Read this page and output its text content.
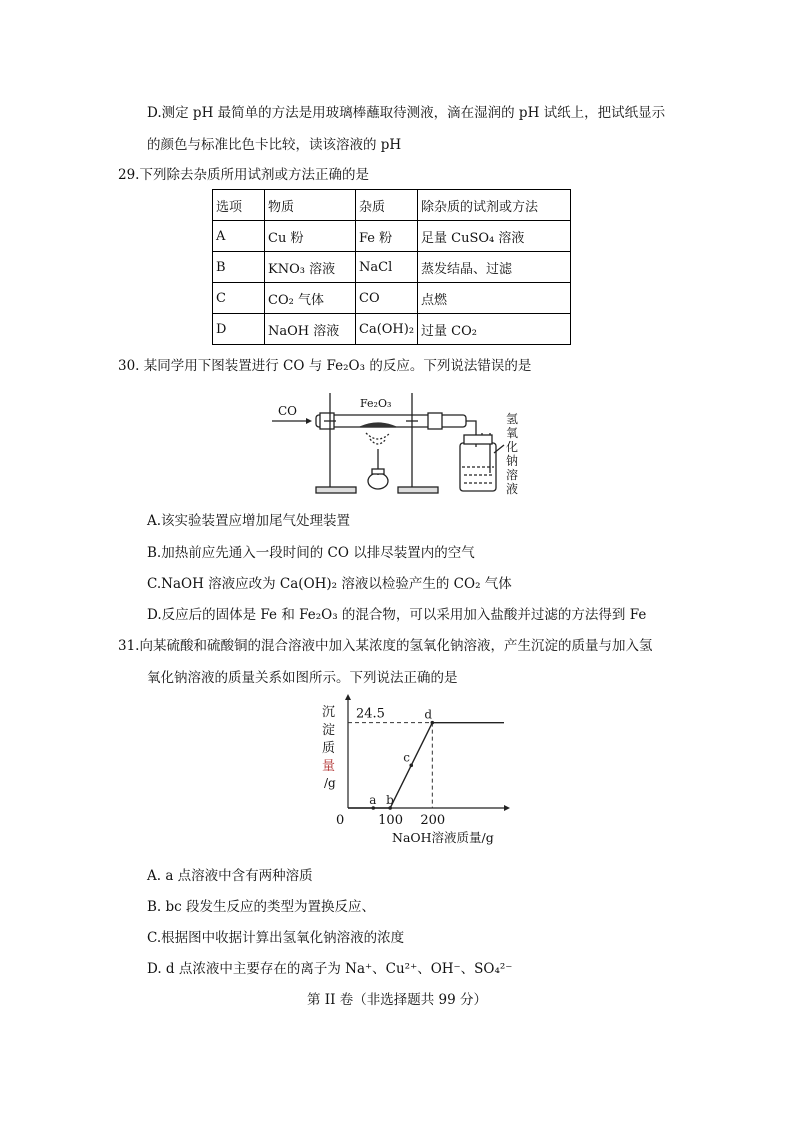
D.测定 pH 最简单的方法是用玻璃棒蘸取待测液，滴在湿润的 pH 试纸上，把试纸显示
的颜色与标准比色卡比较，读该溶液的 pH
29.下列除去杂质所用试剂或方法正确的是
选项	物质	杂质	除杂质的试剂或方法
A	Cu 粉	Fe 粉	足量 CuSO₄ 溶液
B	KNO₃ 溶液	NaCl	蒸发结晶、过滤
C	CO₂ 气体	CO	点燃
D	NaOH 溶液	Ca(OH)₂	过量 CO₂
30. 某同学用下图装置进行 CO 与 Fe₂O₃ 的反应。下列说法错误的是
CO
Fe₂O₃
氢
氧
化
钠
溶
液
A.该实验装置应增加尾气处理装置
B.加热前应先通入一段时间的 CO 以排尽装置内的空气
C.NaOH 溶液应改为 Ca(OH)₂ 溶液以检验产生的 CO₂ 气体
D.反应后的固体是 Fe 和 Fe₂O₃ 的混合物，可以采用加入盐酸并过滤的方法得到 Fe
31.向某硫酸和硫酸铜的混合溶液中加入某浓度的氢氧化钠溶液，产生沉淀的质量与加入氢
氧化钠溶液的质量关系如图所示。下列说法正确的是
a b
c
d
100 200
24.5
沉
淀
质
量
/g
0
NaOH溶液质量/g
A. a 点溶液中含有两种溶质
B. bc 段发生反应的类型为置换反应、
C.根据图中收据计算出氢氧化钠溶液的浓度
D. d 点浓液中主要存在的离子为 Na⁺、Cu²⁺、OH⁻、SO₄²⁻
第 II 卷（非选择题共 99 分）
